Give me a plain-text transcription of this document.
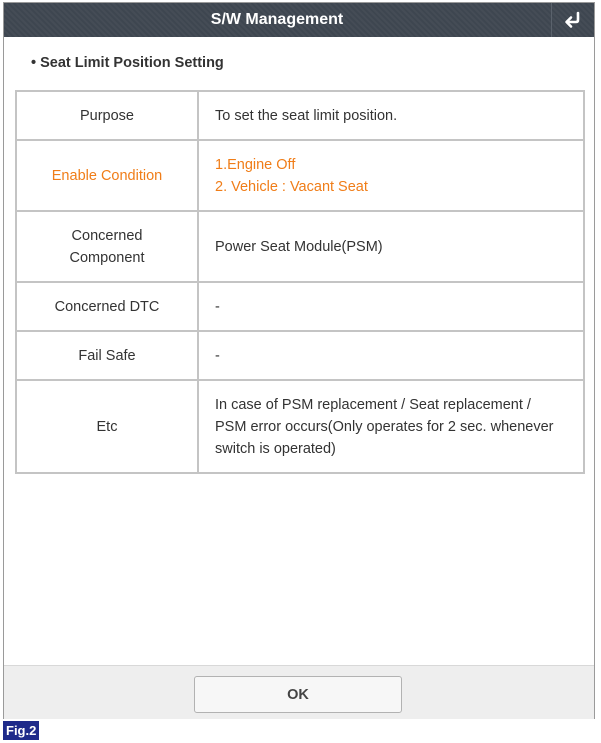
S/W Management
• Seat Limit Position Setting
Purpose	To set the seat limit position.

Enable Condition	1.Engine Off
2. Vehicle : Vacant Seat

Concerned
Component	Power Seat Module(PSM)

Concerned DTC	-

Fail Safe	-

Etc	In case of PSM replacement / Seat replacement /
PSM error occurs(Only operates for 2 sec. whenever
switch is operated)
OK
Fig.2
